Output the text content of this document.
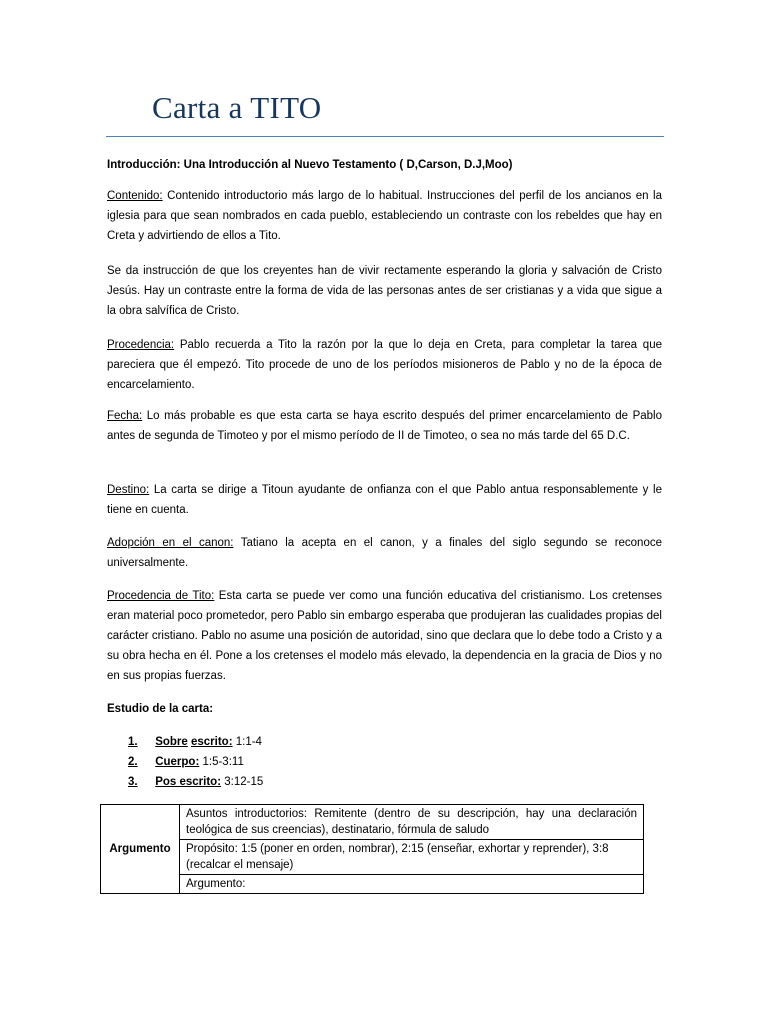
Carta a TITO

Introducción: Una Introducción al Nuevo Testamento ( D,Carson, D.J,Moo)

Contenido: Contenido introductorio más largo de lo habitual. Instrucciones del perfil de los ancianos en la iglesia para que sean nombrados en cada pueblo, estableciendo un contraste con los rebeldes que hay en Creta y advirtiendo de ellos a Tito.

Se da instrucción de que los creyentes han de vivir rectamente esperando la gloria y salvación de Cristo Jesús. Hay un contraste entre la forma de vida de las personas antes de ser cristianas y a vida que sigue a la obra salvífica de Cristo.

Procedencia: Pablo recuerda a Tito la razón por la que lo deja en Creta, para completar la tarea que pareciera que él empezó. Tito procede de uno de los períodos misioneros de Pablo y no de la época de encarcelamiento.

Fecha: Lo más probable es que esta carta se haya escrito después del primer encarcelamiento de Pablo antes de segunda de Timoteo y por el mismo período de II de Timoteo, o sea no más tarde del 65 D.C.

Destino: La carta se dirige a Titoun ayudante de onfianza con el que Pablo antua responsablemente y le tiene en cuenta.

Adopción en el canon: Tatiano la acepta en el canon, y a finales del siglo segundo se reconoce universalmente.

Procedencia de Tito: Esta carta se puede ver como una función educativa del cristianismo. Los cretenses eran material poco prometedor, pero Pablo sin embargo esperaba que produjeran las cualidades propias del carácter cristiano. Pablo no asume una posición de autoridad, sino que declara que lo debe todo a Cristo y a su obra hecha en él. Pone a los cretenses el modelo más elevado, la dependencia en la gracia de Dios y no en sus propias fuerzas.

Estudio de la carta:

1. Sobre escrito: 1:1-4
2. Cuerpo: 1:5-3:11
3. Pos escrito: 3:12-15
Argumento	Asuntos introductorios: Remitente (dentro de su descripción, hay una declaración teológica de sus creencias), destinatario, fórmula de saludo
Propósito: 1:5 (poner en orden, nombrar), 2:15 (enseñar, exhortar y reprender), 3:8 (recalcar el mensaje)
Argumento:
